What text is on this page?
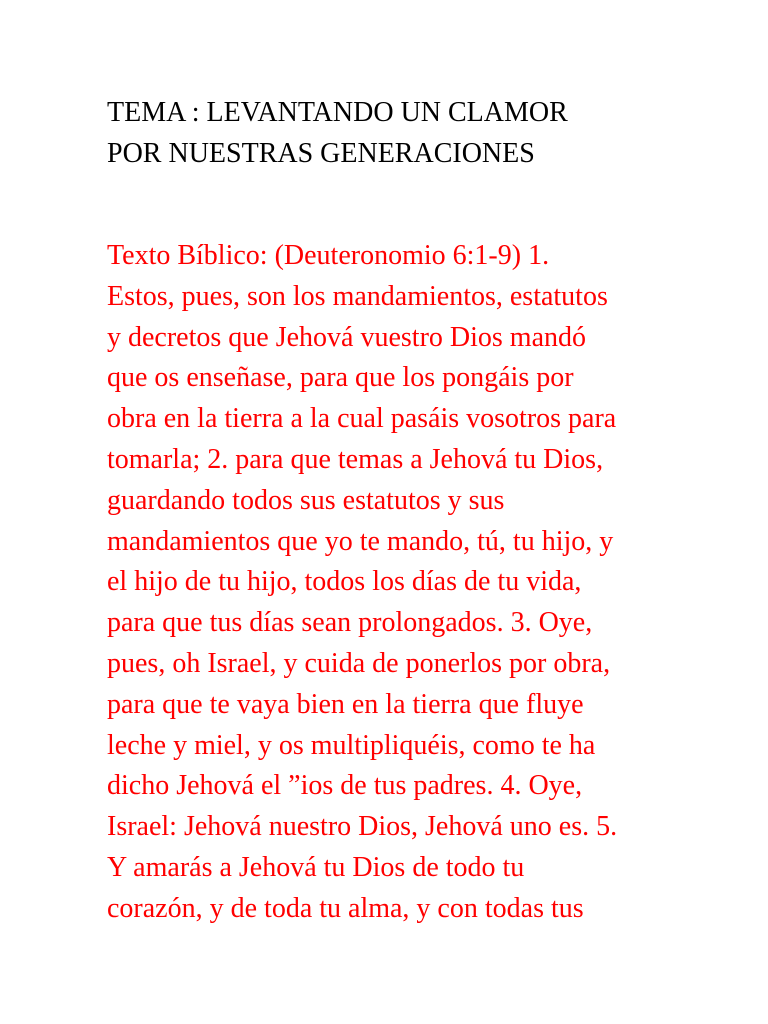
TEMA : LEVANTANDO UN CLAMOR
POR NUESTRAS GENERACIONES

Texto Bíblico: (Deuteronomio 6:1-9) 1.
Estos, pues, son los mandamientos, estatutos
y decretos que Jehová vuestro Dios mandó
que os enseñase, para que los pongáis por
obra en la tierra a la cual pasáis vosotros para
tomarla; 2. para que temas a Jehová tu Dios,
guardando todos sus estatutos y sus
mandamientos que yo te mando, tú, tu hijo, y
el hijo de tu hijo, todos los días de tu vida,
para que tus días sean prolongados. 3. Oye,
pues, oh Israel, y cuida de ponerlos por obra,
para que te vaya bien en la tierra que fluye
leche y miel, y os multipliquéis, como te ha
dicho Jehová el ”ios de tus padres. 4. Oye,
Israel: Jehová nuestro Dios, Jehová uno es. 5.
Y amarás a Jehová tu Dios de todo tu
corazón, y de toda tu alma, y con todas tus
